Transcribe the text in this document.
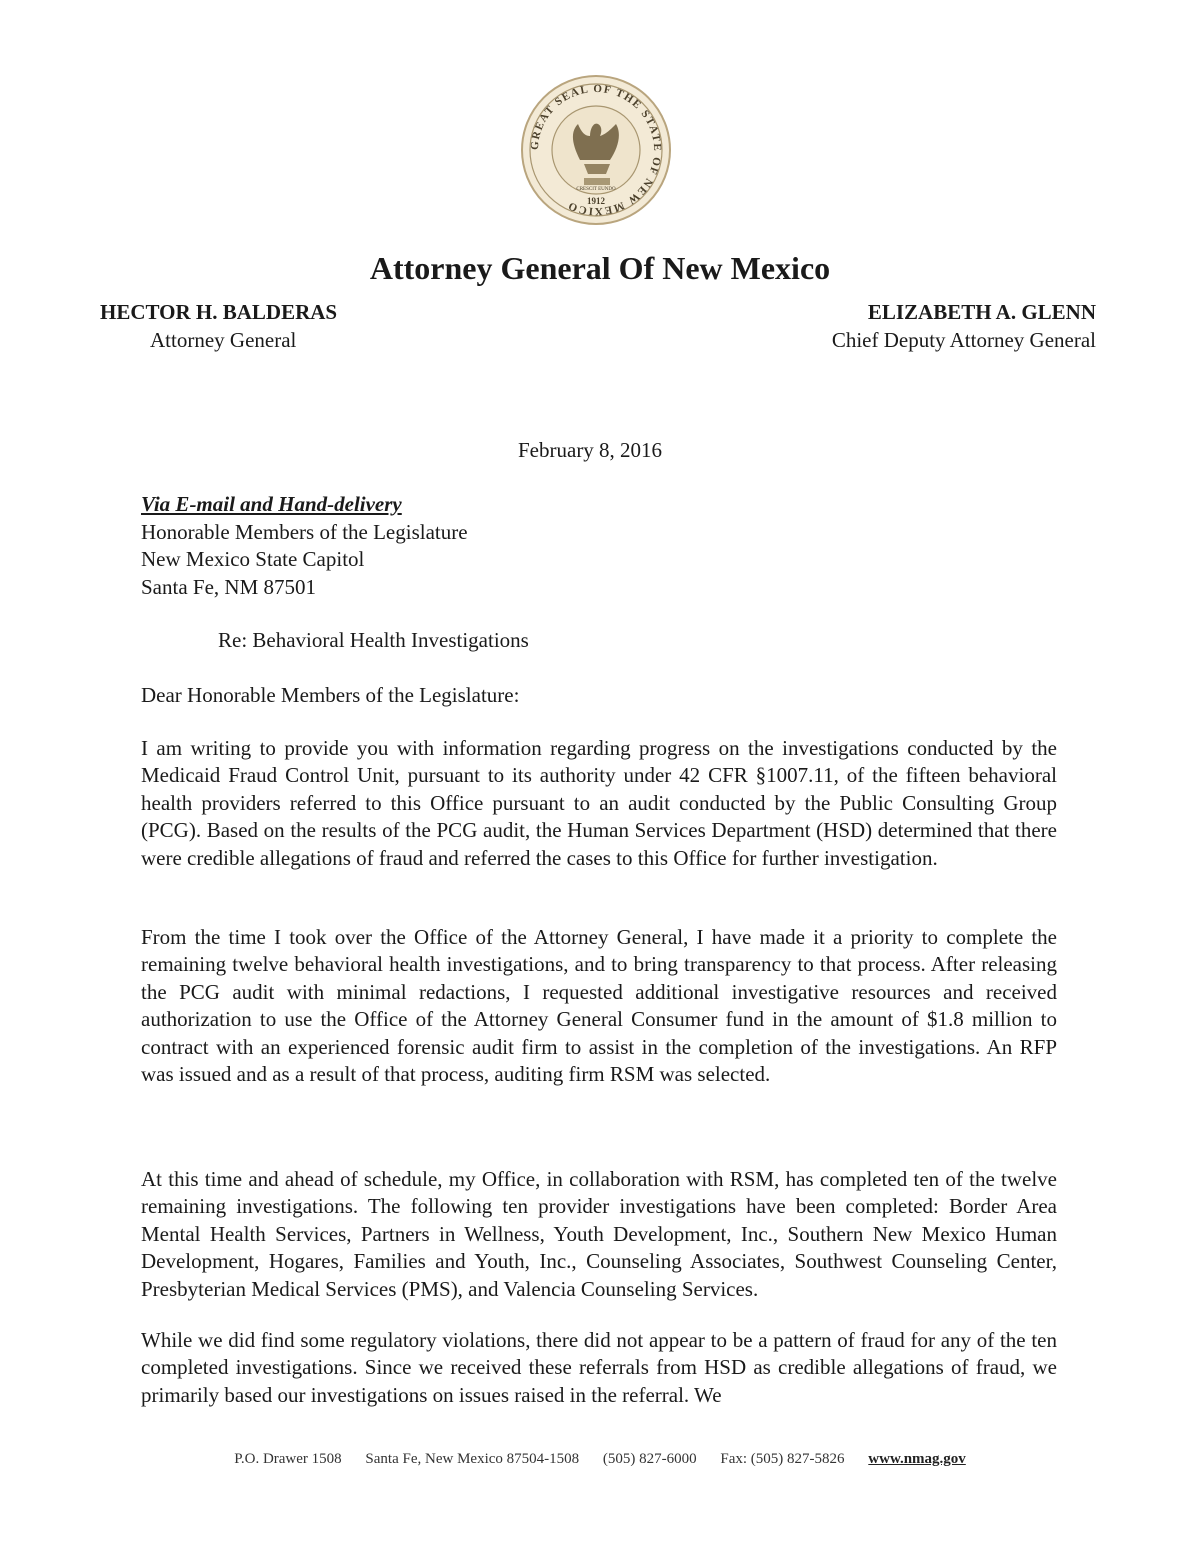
GREAT SEAL OF THE STATE OF NEW MEXICO 1912
CRESCIT EUNDO
Attorney General Of New Mexico
HECTOR H. BALDERAS
Attorney General
ELIZABETH A. GLENN
Chief Deputy Attorney General
February 8, 2016
Via E-mail and Hand-delivery
Honorable Members of the Legislature
New Mexico State Capitol
Santa Fe, NM 87501
Re: Behavioral Health Investigations
Dear Honorable Members of the Legislature:

I am writing to provide you with information regarding progress on the investigations conducted by the Medicaid Fraud Control Unit, pursuant to its authority under 42 CFR §1007.11, of the fifteen behavioral health providers referred to this Office pursuant to an audit conducted by the Public Consulting Group (PCG). Based on the results of the PCG audit, the Human Services Department (HSD) determined that there were credible allegations of fraud and referred the cases to this Office for further investigation.

From the time I took over the Office of the Attorney General, I have made it a priority to complete the remaining twelve behavioral health investigations, and to bring transparency to that process. After releasing the PCG audit with minimal redactions, I requested additional investigative resources and received authorization to use the Office of the Attorney General Consumer fund in the amount of $1.8 million to contract with an experienced forensic audit firm to assist in the completion of the investigations. An RFP was issued and as a result of that process, auditing firm RSM was selected.

At this time and ahead of schedule, my Office, in collaboration with RSM, has completed ten of the twelve remaining investigations. The following ten provider investigations have been completed: Border Area Mental Health Services, Partners in Wellness, Youth Development, Inc., Southern New Mexico Human Development, Hogares, Families and Youth, Inc., Counseling Associates, Southwest Counseling Center, Presbyterian Medical Services (PMS), and Valencia Counseling Services.

While we did find some regulatory violations, there did not appear to be a pattern of fraud for any of the ten completed investigations. Since we received these referrals from HSD as credible allegations of fraud, we primarily based our investigations on issues raised in the referral. We

P.O. Drawer 1508 Santa Fe, New Mexico 87504-1508 (505) 827-6000 Fax: (505) 827-5826 www.nmag.gov
